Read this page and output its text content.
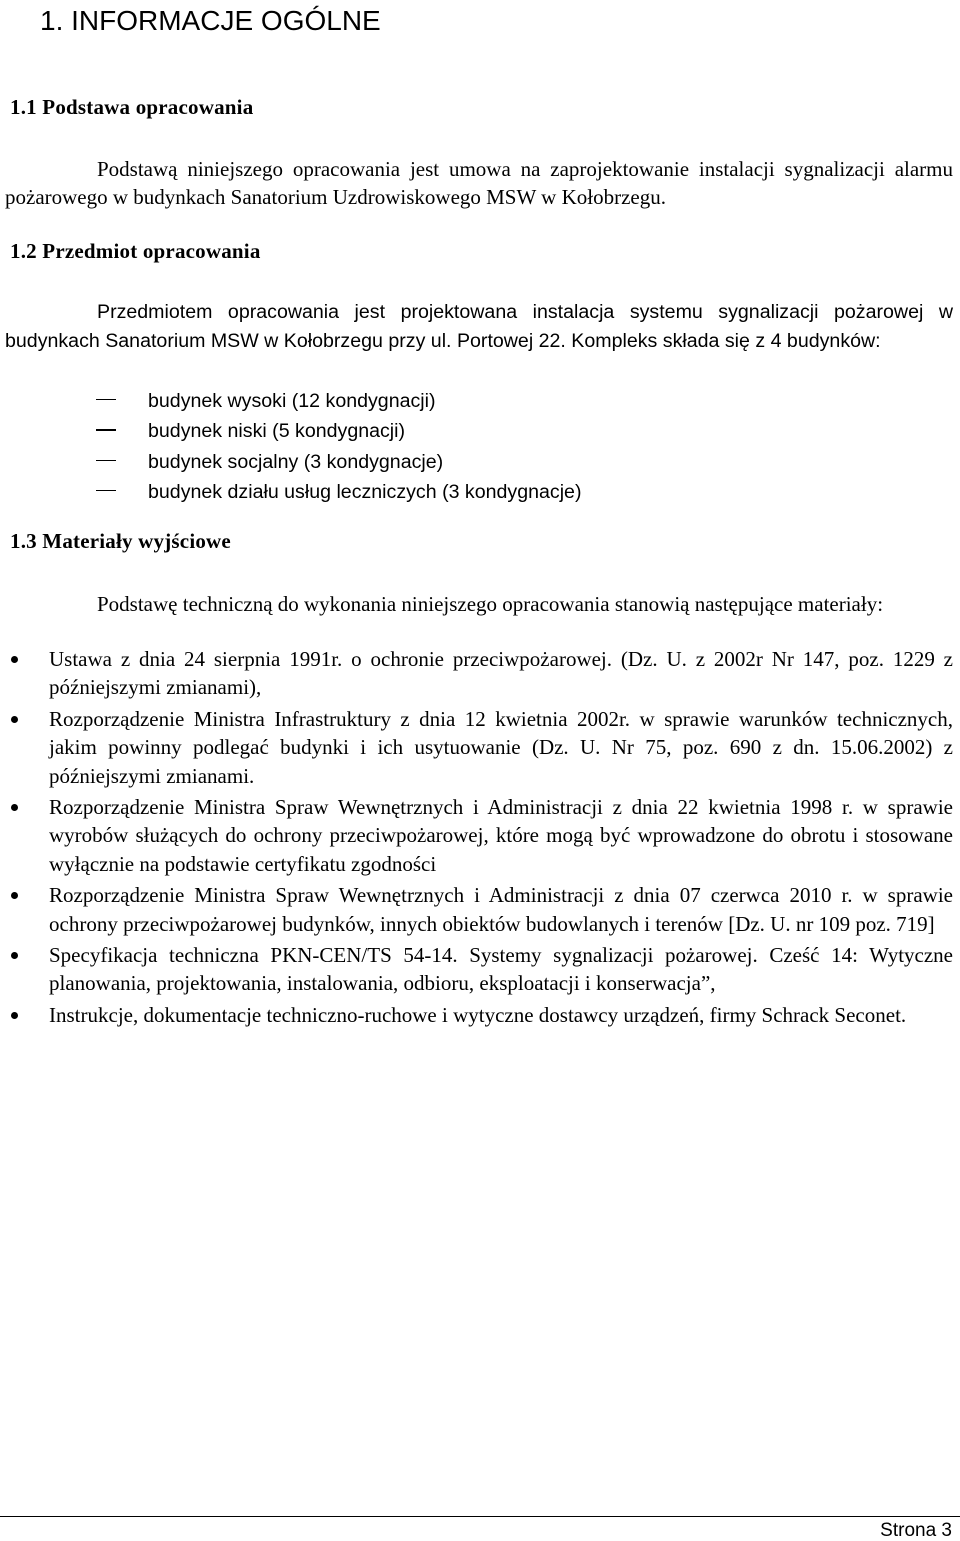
1. INFORMACJE OGÓLNE
1.1 Podstawa opracowania

Podstawą niniejszego opracowania jest umowa na zaprojektowanie instalacji sygnalizacji alarmu pożarowego w budynkach Sanatorium Uzdrowiskowego MSW w Kołobrzegu.

1.2 Przedmiot opracowania

Przedmiotem opracowania jest projektowana instalacja systemu sygnalizacji pożarowej w budynkach Sanatorium MSW w Kołobrzegu przy ul. Portowej 22. Kompleks składa się z 4 budynków:

budynek wysoki (12 kondygnacji)
budynek niski (5 kondygnacji)
budynek socjalny (3 kondygnacje)
budynek działu usług leczniczych (3 kondygnacje)
1.3 Materiały wyjściowe

Podstawę techniczną do wykonania niniejszego opracowania stanowią następujące materiały:

Ustawa z dnia 24 sierpnia 1991r. o ochronie przeciwpożarowej. (Dz. U. z 2002r Nr 147, poz. 1229 z późniejszymi zmianami),
Rozporządzenie Ministra Infrastruktury z dnia 12 kwietnia 2002r. w sprawie warunków technicznych, jakim powinny podlegać budynki i ich usytuowanie (Dz. U. Nr 75, poz. 690 z dn. 15.06.2002) z późniejszymi zmianami.
Rozporządzenie Ministra Spraw Wewnętrznych i Administracji z dnia 22 kwietnia 1998 r. w sprawie wyrobów służących do ochrony przeciwpożarowej, które mogą być wprowadzone do obrotu i stosowane wyłącznie na podstawie certyfikatu zgodności
Rozporządzenie Ministra Spraw Wewnętrznych i Administracji z dnia 07 czerwca 2010 r. w sprawie ochrony przeciwpożarowej budynków, innych obiektów budowlanych i terenów [Dz. U. nr 109 poz. 719]
Specyfikacja techniczna PKN-CEN/TS 54-14. Systemy sygnalizacji pożarowej. Cześć 14: Wytyczne planowania, projektowania, instalowania, odbioru, eksploatacji i konserwacja”,
Instrukcje, dokumentacje techniczno-ruchowe i wytyczne dostawcy urządzeń, firmy Schrack Seconet.
Strona 3
